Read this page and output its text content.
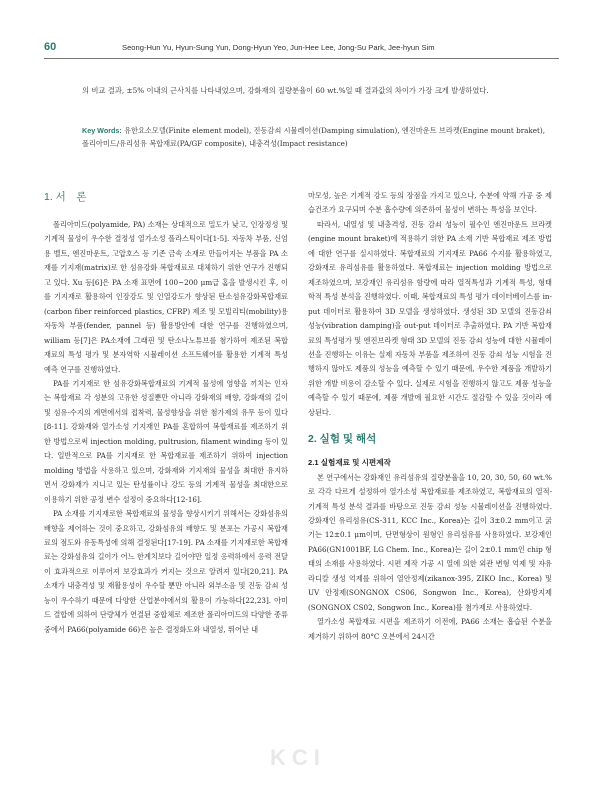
60	Seong-Hun Yu, Hyun-Sung Yun, Dong-Hyun Yeo, Jun-Hee Lee, Jong-Su Park, Jee-hyun Sim
의 비교 결과, ±5% 이내의 근사치를 나타내었으며, 강화재의 질량분율이 60 wt.%일 때 결과값의 차이가 가장 크게 발생하였다.
Key Words: 유한요소모델(Finite element model), 진동감쇠 시뮬레이션(Damping simulation), 엔진마운트 브라켓(Engine mount braket), 폴리아미드/유리섬유 복합재료(PA/GF composite), 내충격성(Impact resistance)
1. 서　론

폴리아미드(polyamide, PA) 소재는 상대적으로 밀도가 낮고, 인장정성 및 기계적 물성이 우수한 결정성 열가소성 플라스틱이다[1-5]. 자동차 부품, 신엄용 벨트, 엔진마운트, 고압호스 등 기존 금속 소재로 만들어지는 부품을 PA 소재를 기지재(matrix)로 한 섬유강화 복합재료로 대체하기 위한 연구가 진행되고 있다. Xu 등[6]은 PA 소재 표면에 100~200 μm급 홈을 발생시킨 후, 이를 기지재로 활용하여 인장강도 및 인열강도가 향상된 탄소섬유강화복합재료(carbon fiber reinforced plastics, CFRP) 제조 및 모빌리티(mobility)용 자동차 부품(fender, pannel 등) 활용방안에 대한 연구를 진행하였으며, william 등[7]은 PA소재에 그래핀 및 탄소나노튜브를 첨가하여 제조된 복합재료의 특성 평가 및 분자역학 시뮬레이션 소프트웨어를 활용한 기계적 특성 예측 연구를 진행하였다.

PA를 기지재로 한 섬유강화복합재료의 기계적 물성에 영향을 끼치는 인자는 복합재료 각 성분의 고유한 성질뿐만 아니라 강화재의 배향, 강화재의 길이 및 섬유-수지의 계면에서의 접착력, 물성향상을 위한 첨가제의 유무 등이 있다[8-11]. 강화재와 열가소성 기지재인 PA를 혼합하여 복합재료를 제조하기 위한 방법으로써 injection molding, pultrusion, filament winding 등이 있다. 일반적으로 PA를 기지재로 한 복합재료를 제조하기 위하여 injection molding 방법을 사용하고 있으며, 강화재와 기지재의 물성을 최대한 유지하면서 강화재가 지니고 있는 탄성률이나 강도 등의 기계적 물성을 최대한으로 이용하기 위한 공정 변수 설정이 중요하다[12-16].

PA 소재를 기지재로한 복합재료의 물성을 향상시키기 위해서는 강화섬유의 배향을 제어하는 것이 중요하고, 강화섬유의 배향도 및 분포는 가공시 복합재료의 점도와 유동특성에 의해 결정된다[17-19]. PA 소재를 기지재로한 복합재료는 강화섬유의 길이가 어느 한계치보다 길어야만 일정 응력하에서 응력 전달이 효과적으로 이루어져 보강효과가 커지는 것으로 알려져 있다[20,21]. PA 소재가 내충격성 및 재활용성이 우수할 뿐만 아니라 외부소음 및 진동 감쇠 성능이 우수하기 때문에 다양한 산업분야에서의 활용이 가능하다[22,23]. 아미드 결합에 의하여 단량체가 연결된 중합체로 제조한 폴리아미드의 다양한 종류 중에서 PA66(polyamide 66)은 높은 결정화도와 내열성, 뛰어난 내

마모성, 높은 기계적 강도 등의 장점을 가지고 있으나, 수분에 약해 가공 중 제습건조가 요구되며 수분 흡수량에 의존하여 물성이 변하는 특성을 보인다.

따라서, 내열성 및 내충격성, 진동 감쇠 성능이 필수인 엔진마운트 브라켓(engine mount braket)에 적용하기 위한 PA 소재 기반 복합재료 제조 방법에 대한 연구를 실시하였다. 복합재료의 기지재로 PA66 수지를 활용하였고, 강화재로 유리섬유를 활용하였다. 복합재료는 injection molding 방법으로 제조하였으며, 보강재인 유리섬유 함량에 따라 열적특성과 기계적 특성, 형태학적 특성 분석을 진행하였다. 이때, 복합재료의 특성 평가 데이터베이스를 in-put 데이터로 활용하여 3D 모델을 생성하였다. 생성된 3D 모델의 진동감쇠 성능(vibration damping)을 out-put 데이터로 추출하였다. PA 기반 복합재료의 특성평가 및 엔진브라켓 형태 3D 모델의 진동 감쇠 성능에 대한 시뮬레이션을 진행하는 이유는 실제 자동차 부품을 제조하여 진동 감쇠 성능 시험을 진행하지 않아도 제품의 성능을 예측할 수 있기 때문에, 우수한 제품을 개발하기 위한 개발 비용이 감소할 수 있다. 실제로 시험을 진행하지 않고도 제품 성능을 예측할 수 있기 때문에, 제품 개발에 필요한 시간도 절감할 수 있을 것이라 예상된다.

2. 실험 및 해석
2.1 실험재료 및 시편제작

본 연구에서는 강화재인 유리섬유의 질량분율을 10, 20, 30, 50, 60 wt.%로 각각 다르게 설정하여 열가소성 복합재료를 제조하였고, 복합재료의 열적-기계적 특성 분석 결과를 바탕으로 진동 감쇠 성능 시뮬레이션을 진행하였다. 강화재인 유리섬유(CS-311, KCC Inc., Korea)는 길이 3±0.2 mm이고 굵기는 12±0.1 μm이며, 단면형상이 원형인 유리섬유를 사용하였다. 보강재인 PA66(GN1001BF, LG Chem. Inc., Korea)는 길이 2±0.1 mm인 chip 형태의 소재를 사용하였다. 시편 제작 가공 시 열에 의한 외관 변형 억제 및 자유라디칼 생성 억제를 위하여 열안정제(zikanox-395, ZIKO Inc., Korea) 및 UV 안정제(SONGNOX CS06, Songwon Inc., Korea), 산화방지제(SONGNOX CS02, Songwon Inc., Korea)를 첨가제로 사용하였다.

열가소성 복합재료 시편을 제조하기 이전에, PA66 소재는 흡습된 수분을 제거하기 위하여 80°C 오븐에서 24시간

KCI
